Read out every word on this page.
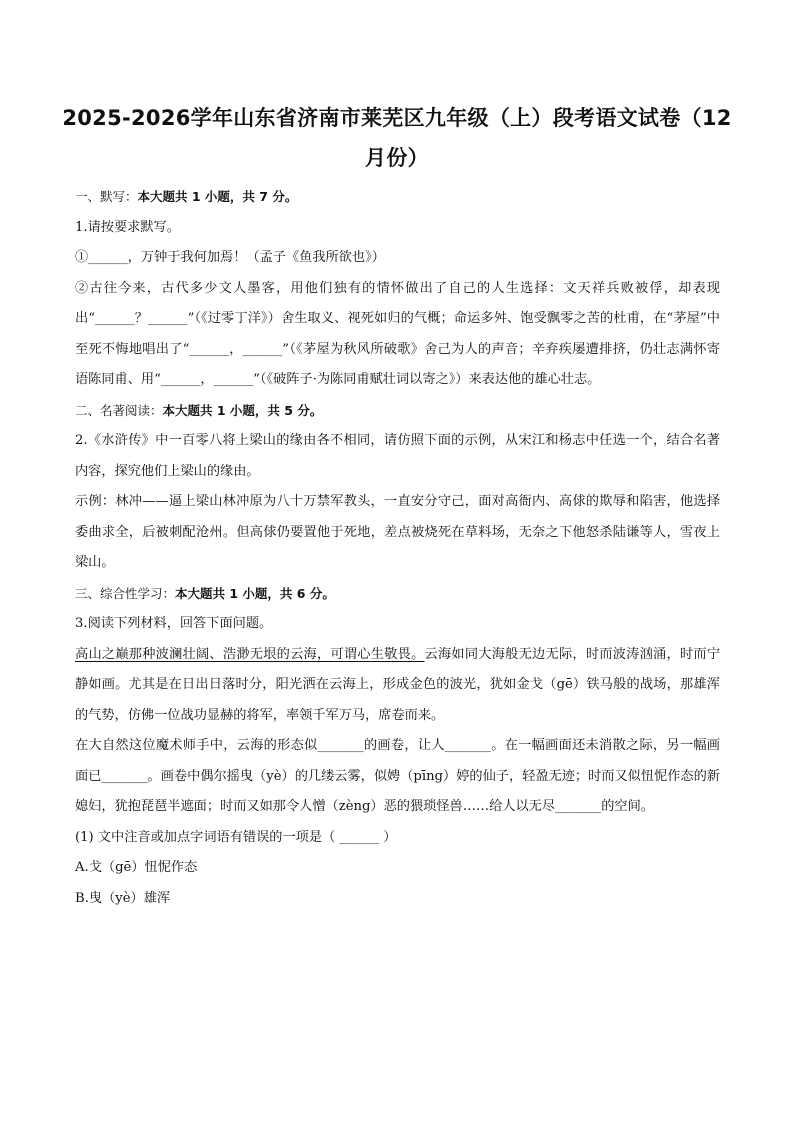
2025-2026学年山东省济南市莱芜区九年级（上）段考语文试卷（12
月份）

一、默写：本大题共 1 小题，共 7 分。

1.请按要求默写。

①______，万钟于我何加焉！（孟子《鱼我所欲也》）

②古往今来，古代多少文人墨客，用他们独有的情怀做出了自己的人生选择：文天祥兵败被俘，却表现出“______？______”（《过零丁洋》）舍生取义、视死如归的气概；命运多舛、饱受飘零之苦的杜甫，在“茅屋”中至死不悔地唱出了“______，______”（《茅屋为秋风所破歌》舍己为人的声音；辛弃疾屡遭排挤，仍壮志满怀寄语陈同甫、用“______，______”（《破阵子·为陈同甫赋壮词以寄之》）来表达他的雄心壮志。

二、名著阅读：本大题共 1 小题，共 5 分。

2.《水浒传》中一百零八将上梁山的缘由各不相同，请仿照下面的示例，从宋江和杨志中任选一个，结合名著内容，探究他们上梁山的缘由。

示例：林冲——逼上梁山林冲原为八十万禁军教头，一直安分守己，面对高衙内、高俅的欺辱和陷害，他选择委曲求全，后被刺配沧州。但高俅仍要置他于死地，差点被烧死在草料场，无奈之下他怒杀陆谦等人，雪夜上梁山。

三、综合性学习：本大题共 1 小题，共 6 分。

3.阅读下列材料，回答下面问题。

高山之巅那种波澜壮阔、浩渺无垠的云海，可谓心生敬畏。云海如同大海般无边无际，时而波涛汹涌，时而宁静如画。尤其是在日出日落时分，阳光洒在云海上，形成金色的波光，犹如金戈（gē）铁马般的战场，那雄浑的气势，仿佛一位战功显赫的将军，率领千军万马，席卷而来。

在大自然这位魔术师手中，云海的形态似_______的画卷，让人_______。在一幅画面还未消散之际，另一幅画面已_______。画卷中偶尔摇曳（yè）的几缕云雾，似娉（pīng）婷的仙子，轻盈无迹；时而又似忸怩作态的新媳妇，犹抱琵琶半遮面；时而又如那令人憎（zèng）恶的猥琐怪兽……给人以无尽_______的空间。

(1) 文中注音或加点字词语有错误的一项是（ ______ ）

A.戈（gē）忸怩作态

B.曳（yè）雄浑
